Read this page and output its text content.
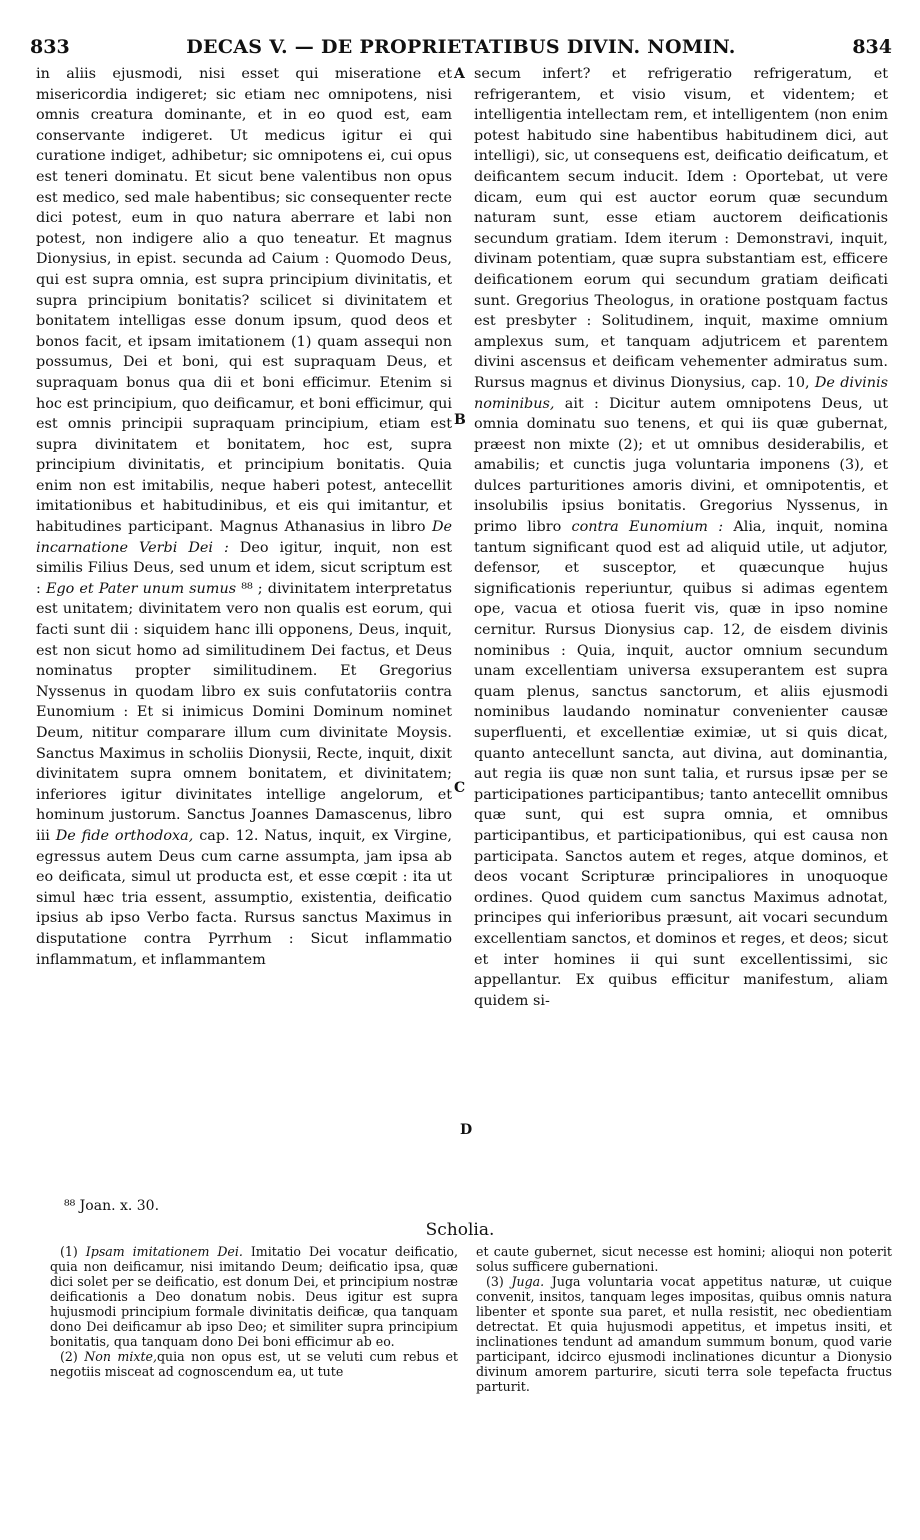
833	DECAS V. — DE PROPRIETATIBUS DIVIN. NOMIN.	834

in aliis ejusmodi, nisi esset qui miseratione et misericordia indigeret; sic etiam nec omnipotens, nisi omnis creatura dominante, et in eo quod est, eam conservante indigeret. Ut medicus igitur ei qui curatione indiget, adhibetur; sic omnipotens ei, cui opus est teneri dominatu. Et sicut bene valentibus non opus est medico, sed male habentibus; sic consequenter recte dici potest, eum in quo natura aberrare et labi non potest, non indigere alio a quo teneatur. Et magnus Dionysius, in epist. secunda ad Caium : Quomodo Deus, qui est supra omnia, est supra principium divinitatis, et supra principium bonitatis? scilicet si divinitatem et bonitatem intelligas esse donum ipsum, quod deos et bonos facit, et ipsam imitationem (1) quam assequi non possumus, Dei et boni, qui est supraquam Deus, et supraquam bonus qua dii et boni efficimur. Etenim si hoc est principium, quo deificamur, et boni efficimur, qui est omnis principii supraquam principium, etiam est supra divinitatem et bonitatem, hoc est, supra principium divinitatis, et principium bonitatis. Quia enim non est imitabilis, neque haberi potest, antecellit imitationibus et habitudinibus, et eis qui imitantur, et habitudines participant. Magnus Athanasius in libro De incarnatione Verbi Dei : Deo igitur, inquit, non est similis Filius Deus, sed unum et idem, sicut scriptum est : Ego et Pater unum sumus ⁸⁸ ; divinitatem interpretatus est unitatem; divinitatem vero non qualis est eorum, qui facti sunt dii : siquidem hanc illi opponens, Deus, inquit, est non sicut homo ad similitudinem Dei factus, et Deus nominatus propter similitudinem. Et Gregorius Nyssenus in quodam libro ex suis confutatoriis contra Eunomium : Et si inimicus Domini Dominum nominet Deum, nititur comparare illum cum divinitate Moysis. Sanctus Maximus in scholiis Dionysii, Recte, inquit, dixit divinitatem supra omnem bonitatem, et divinitatem; inferiores igitur divinitates intellige angelorum, et hominum justorum. Sanctus Joannes Damascenus, libro iii De fide orthodoxa, cap. 12. Natus, inquit, ex Virgine, egressus autem Deus cum carne assumpta, jam ipsa ab eo deificata, simul ut producta est, et esse cœpit : ita ut simul hæc tria essent, assumptio, existentia, deificatio ipsius ab ipso Verbo facta. Rursus sanctus Maximus in disputatione contra Pyrrhum : Sicut inflammatio inflammatum, et inflammantem

secum infert? et refrigeratio refrigeratum, et refrigerantem, et visio visum, et videntem; et intelligentia intellectam rem, et intelligentem (non enim potest habitudo sine habentibus habitudinem dici, aut intelligi), sic, ut consequens est, deificatio deificatum, et deificantem secum inducit. Idem : Oportebat, ut vere dicam, eum qui est auctor eorum quæ secundum naturam sunt, esse etiam auctorem deificationis secundum gratiam. Idem iterum : Demonstravi, inquit, divinam potentiam, quæ supra substantiam est, efficere deificationem eorum qui secundum gratiam deificati sunt. Gregorius Theologus, in oratione postquam factus est presbyter : Solitudinem, inquit, maxime omnium amplexus sum, et tanquam adjutricem et parentem divini ascensus et deificam vehementer admiratus sum. Rursus magnus et divinus Dionysius, cap. 10, De divinis nominibus, ait : Dicitur autem omnipotens Deus, ut omnia dominatu suo tenens, et qui iis quæ gubernat, præest non mixte (2); et ut omnibus desiderabilis, et amabilis; et cunctis juga voluntaria imponens (3), et dulces parturitiones amoris divini, et omnipotentis, et insolubilis ipsius bonitatis. Gregorius Nyssenus, in primo libro contra Eunomium : Alia, inquit, nomina tantum significant quod est ad aliquid utile, ut adjutor, defensor, et susceptor, et quæcunque hujus significationis reperiuntur, quibus si adimas egentem ope, vacua et otiosa fuerit vis, quæ in ipso nomine cernitur. Rursus Dionysius cap. 12, de eisdem divinis nominibus : Quia, inquit, auctor omnium secundum unam excellentiam universa exsuperantem est supra quam plenus, sanctus sanctorum, et aliis ejusmodi nominibus laudando nominatur convenienter causæ superfluenti, et excellentiæ eximiæ, ut si quis dicat, quanto antecellunt sancta, aut divina, aut dominantia, aut regia iis quæ non sunt talia, et rursus ipsæ per se participationes participantibus; tanto antecellit omnibus quæ sunt, qui est supra omnia, et omnibus participantibus, et participationibus, qui est causa non participata. Sanctos autem et reges, atque dominos, et deos vocant Scripturæ principaliores in unoquoque ordines. Quod quidem cum sanctus Maximus adnotat, principes qui inferioribus præsunt, ait vocari secundum excellentiam sanctos, et dominos et reges, et deos; sicut et inter homines ii qui sunt excellentissimi, sic appellantur. Ex quibus efficitur manifestum, aliam quidem si-

A
B
C
D
⁸⁸ Joan. x. 30.
Scholia.

(1) Ipsam imitationem Dei. Imitatio Dei vocatur deificatio, quia non deificamur, nisi imitando Deum; deificatio ipsa, quæ dici solet per se deificatio, est donum Dei, et principium nostræ deificationis a Deo donatum nobis. Deus igitur est supra hujusmodi principium formale divinitatis deificæ, qua tanquam dono Dei deificamur ab ipso Deo; et similiter supra principium bonitatis, qua tanquam dono Dei boni efficimur ab eo.

(2) Non mixte,quia non opus est, ut se veluti cum rebus et negotiis misceat ad cognoscendum ea, ut tute

et caute gubernet, sicut necesse est homini; alioqui non poterit solus sufficere gubernationi.

(3) Juga. Juga voluntaria vocat appetitus naturæ, ut cuique convenit, insitos, tanquam leges impositas, quibus omnis natura libenter et sponte sua paret, et nulla resistit, nec obedientiam detrectat. Et quia hujusmodi appetitus, et impetus insiti, et inclinationes tendunt ad amandum summum bonum, quod varie participant, idcirco ejusmodi inclinationes dicuntur a Dionysio divinum amorem parturire, sicuti terra sole tepefacta fructus parturit.
